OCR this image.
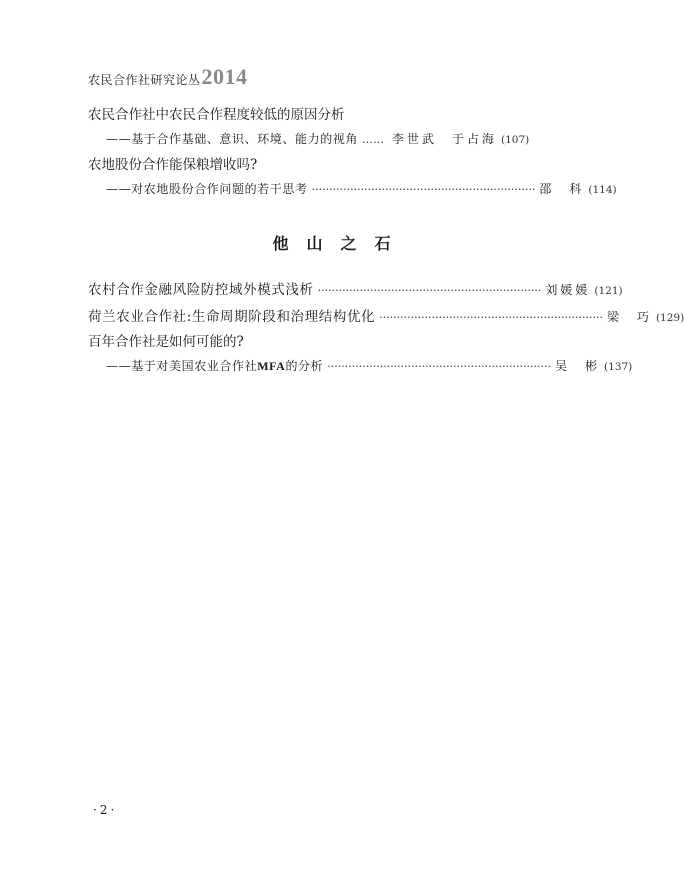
农民合作社研究论丛 2014
农民合作社中农民合作程度较低的原因分析
——基于合作基础、意识、环境、能力的视角 …… 李世武　于占海 (107)
农地股份合作能保粮增收吗?
——对农地股份合作问题的若干思考 ································································ 邵　科 (114)
他山之石
农村合作金融风险防控域外模式浅析 ································································ 刘媛媛 (121)
荷兰农业合作社:生命周期阶段和治理结构优化 ································································ 梁　巧 (129)
百年合作社是如何可能的?
——基于对美国农业合作社MFA的分析 ································································ 吴　彬 (137)
·2·
